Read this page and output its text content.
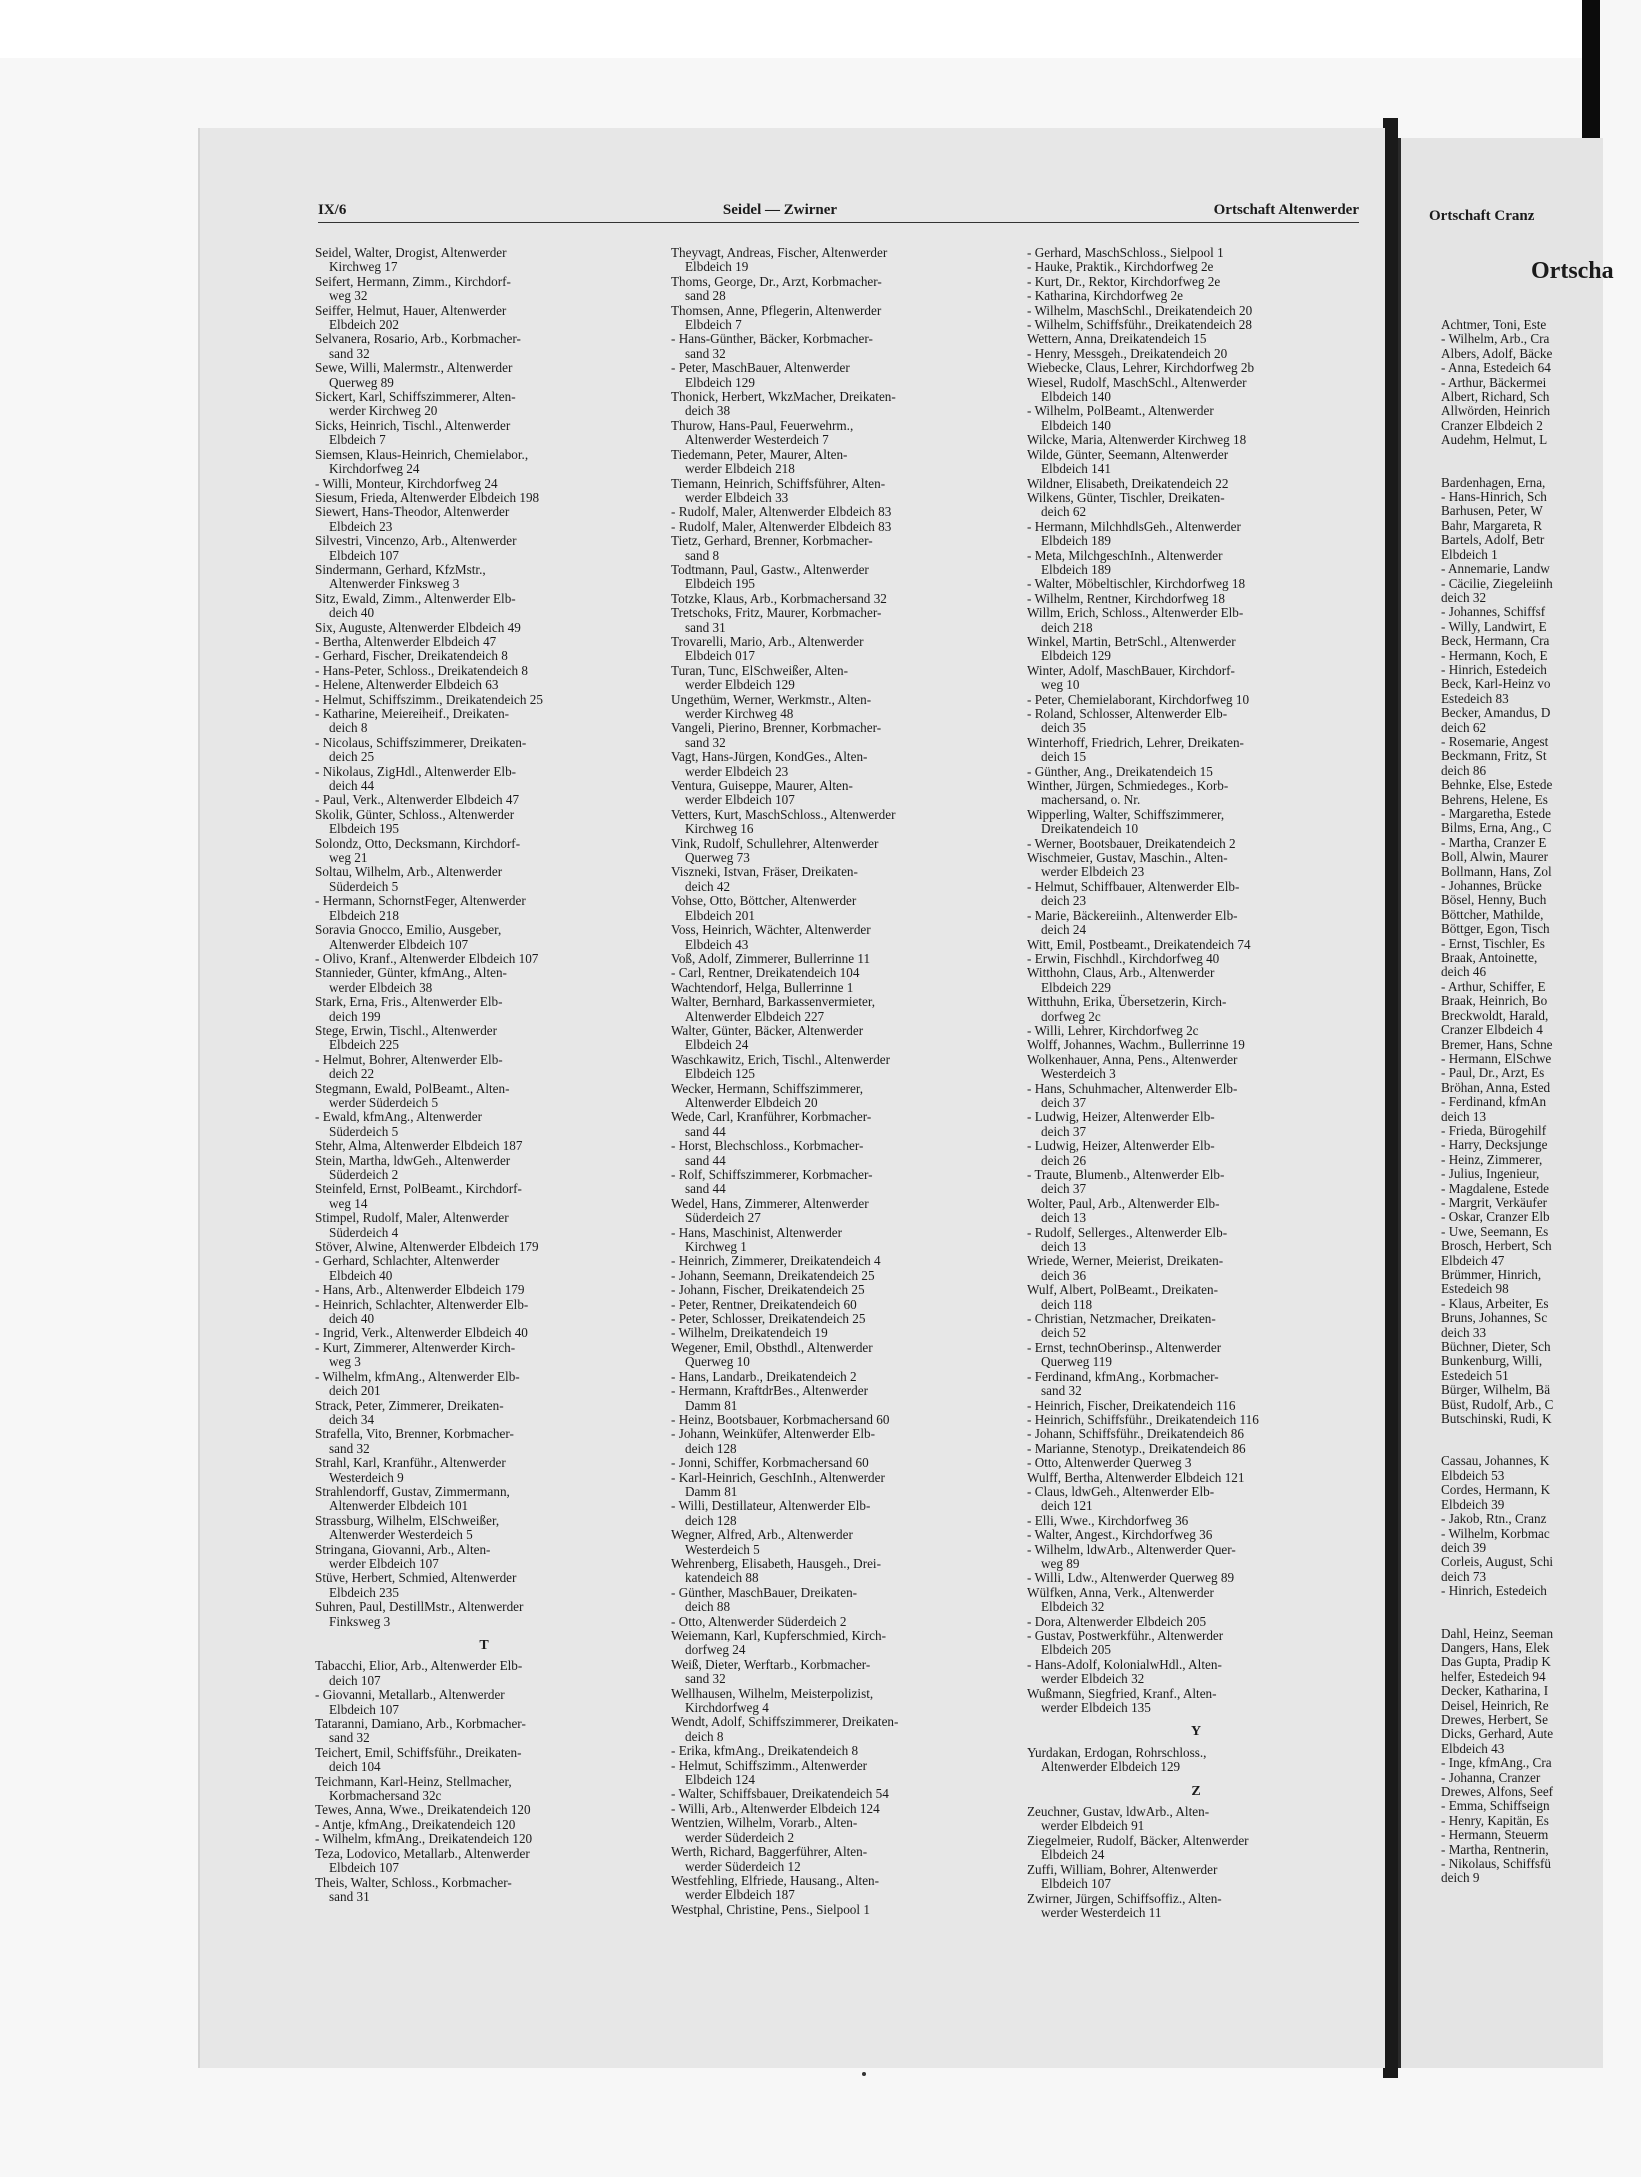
IX/6	Seidel — Zwirner	Ortschaft Altenwerder
Seidel, Walter, Drogist, Altenwerder
Kirchweg 17
Seifert, Hermann, Zimm., Kirchdorf-
weg 32
Seiffer, Helmut, Hauer, Altenwerder
Elbdeich 202
Selvanera, Rosario, Arb., Korbmacher-
sand 32
Sewe, Willi, Malermstr., Altenwerder
Querweg 89
Sickert, Karl, Schiffszimmerer, Alten-
werder Kirchweg 20
Sicks, Heinrich, Tischl., Altenwerder
Elbdeich 7
Siemsen, Klaus-Heinrich, Chemielabor.,
Kirchdorfweg 24
- Willi, Monteur, Kirchdorfweg 24
Siesum, Frieda, Altenwerder Elbdeich 198
Siewert, Hans-Theodor, Altenwerder
Elbdeich 23
Silvestri, Vincenzo, Arb., Altenwerder
Elbdeich 107
Sindermann, Gerhard, KfzMstr.,
Altenwerder Finksweg 3
Sitz, Ewald, Zimm., Altenwerder Elb-
deich 40
Six, Auguste, Altenwerder Elbdeich 49
- Bertha, Altenwerder Elbdeich 47
- Gerhard, Fischer, Dreikatendeich 8
- Hans-Peter, Schloss., Dreikatendeich 8
- Helene, Altenwerder Elbdeich 63
- Helmut, Schiffszimm., Dreikatendeich 25
- Katharine, Meiereiheif., Dreikaten-
deich 8
- Nicolaus, Schiffszimmerer, Dreikaten-
deich 25
- Nikolaus, ZigHdl., Altenwerder Elb-
deich 44
- Paul, Verk., Altenwerder Elbdeich 47
Skolik, Günter, Schloss., Altenwerder
Elbdeich 195
Solondz, Otto, Decksmann, Kirchdorf-
weg 21
Soltau, Wilhelm, Arb., Altenwerder
Süderdeich 5
- Hermann, SchornstFeger, Altenwerder
Elbdeich 218
Soravia Gnocco, Emilio, Ausgeber,
Altenwerder Elbdeich 107
- Olivo, Kranf., Altenwerder Elbdeich 107
Stannieder, Günter, kfmAng., Alten-
werder Elbdeich 38
Stark, Erna, Fris., Altenwerder Elb-
deich 199
Stege, Erwin, Tischl., Altenwerder
Elbdeich 225
- Helmut, Bohrer, Altenwerder Elb-
deich 22
Stegmann, Ewald, PolBeamt., Alten-
werder Süderdeich 5
- Ewald, kfmAng., Altenwerder
Süderdeich 5
Stehr, Alma, Altenwerder Elbdeich 187
Stein, Martha, ldwGeh., Altenwerder
Süderdeich 2
Steinfeld, Ernst, PolBeamt., Kirchdorf-
weg 14
Stimpel, Rudolf, Maler, Altenwerder
Süderdeich 4
Stöver, Alwine, Altenwerder Elbdeich 179
- Gerhard, Schlachter, Altenwerder
Elbdeich 40
- Hans, Arb., Altenwerder Elbdeich 179
- Heinrich, Schlachter, Altenwerder Elb-
deich 40
- Ingrid, Verk., Altenwerder Elbdeich 40
- Kurt, Zimmerer, Altenwerder Kirch-
weg 3
- Wilhelm, kfmAng., Altenwerder Elb-
deich 201
Strack, Peter, Zimmerer, Dreikaten-
deich 34
Strafella, Vito, Brenner, Korbmacher-
sand 32
Strahl, Karl, Kranführ., Altenwerder
Westerdeich 9
Strahlendorff, Gustav, Zimmermann,
Altenwerder Elbdeich 101
Strassburg, Wilhelm, ElSchweißer,
Altenwerder Westerdeich 5
Stringana, Giovanni, Arb., Alten-
werder Elbdeich 107
Stüve, Herbert, Schmied, Altenwerder
Elbdeich 235
Suhren, Paul, DestillMstr., Altenwerder
Finksweg 3
T
Tabacchi, Elior, Arb., Altenwerder Elb-
deich 107
- Giovanni, Metallarb., Altenwerder
Elbdeich 107
Tataranni, Damiano, Arb., Korbmacher-
sand 32
Teichert, Emil, Schiffsführ., Dreikaten-
deich 104
Teichmann, Karl-Heinz, Stellmacher,
Korbmachersand 32c
Tewes, Anna, Wwe., Dreikatendeich 120
- Antje, kfmAng., Dreikatendeich 120
- Wilhelm, kfmAng., Dreikatendeich 120
Teza, Lodovico, Metallarb., Altenwerder
Elbdeich 107
Theis, Walter, Schloss., Korbmacher-
sand 31
Theyvagt, Andreas, Fischer, Altenwerder
Elbdeich 19
Thoms, George, Dr., Arzt, Korbmacher-
sand 28
Thomsen, Anne, Pflegerin, Altenwerder
Elbdeich 7
- Hans-Günther, Bäcker, Korbmacher-
sand 32
- Peter, MaschBauer, Altenwerder
Elbdeich 129
Thonick, Herbert, WkzMacher, Dreikaten-
deich 38
Thurow, Hans-Paul, Feuerwehrm.,
Altenwerder Westerdeich 7
Tiedemann, Peter, Maurer, Alten-
werder Elbdeich 218
Tiemann, Heinrich, Schiffsführer, Alten-
werder Elbdeich 33
- Rudolf, Maler, Altenwerder Elbdeich 83
- Rudolf, Maler, Altenwerder Elbdeich 83
Tietz, Gerhard, Brenner, Korbmacher-
sand 8
Todtmann, Paul, Gastw., Altenwerder
Elbdeich 195
Totzke, Klaus, Arb., Korbmachersand 32
Tretschoks, Fritz, Maurer, Korbmacher-
sand 31
Trovarelli, Mario, Arb., Altenwerder
Elbdeich 017
Turan, Tunc, ElSchweißer, Alten-
werder Elbdeich 129
Ungethüm, Werner, Werkmstr., Alten-
werder Kirchweg 48
Vangeli, Pierino, Brenner, Korbmacher-
sand 32
Vagt, Hans-Jürgen, KondGes., Alten-
werder Elbdeich 23
Ventura, Guiseppe, Maurer, Alten-
werder Elbdeich 107
Vetters, Kurt, MaschSchloss., Altenwerder
Kirchweg 16
Vink, Rudolf, Schullehrer, Altenwerder
Querweg 73
Viszneki, Istvan, Fräser, Dreikaten-
deich 42
Vohse, Otto, Böttcher, Altenwerder
Elbdeich 201
Voss, Heinrich, Wächter, Altenwerder
Elbdeich 43
Voß, Adolf, Zimmerer, Bullerrinne 11
- Carl, Rentner, Dreikatendeich 104
Wachtendorf, Helga, Bullerrinne 1
Walter, Bernhard, Barkassenvermieter,
Altenwerder Elbdeich 227
Walter, Günter, Bäcker, Altenwerder
Elbdeich 24
Waschkawitz, Erich, Tischl., Altenwerder
Elbdeich 125
Wecker, Hermann, Schiffszimmerer,
Altenwerder Elbdeich 20
Wede, Carl, Kranführer, Korbmacher-
sand 44
- Horst, Blechschloss., Korbmacher-
sand 44
- Rolf, Schiffszimmerer, Korbmacher-
sand 44
Wedel, Hans, Zimmerer, Altenwerder
Süderdeich 27
- Hans, Maschinist, Altenwerder
Kirchweg 1
- Heinrich, Zimmerer, Dreikatendeich 4
- Johann, Seemann, Dreikatendeich 25
- Johann, Fischer, Dreikatendeich 25
- Peter, Rentner, Dreikatendeich 60
- Peter, Schlosser, Dreikatendeich 25
- Wilhelm, Dreikatendeich 19
Wegener, Emil, Obsthdl., Altenwerder
Querweg 10
- Hans, Landarb., Dreikatendeich 2
- Hermann, KraftdrBes., Altenwerder
Damm 81
- Heinz, Bootsbauer, Korbmachersand 60
- Johann, Weinküfer, Altenwerder Elb-
deich 128
- Jonni, Schiffer, Korbmachersand 60
- Karl-Heinrich, GeschInh., Altenwerder
Damm 81
- Willi, Destillateur, Altenwerder Elb-
deich 128
Wegner, Alfred, Arb., Altenwerder
Westerdeich 5
Wehrenberg, Elisabeth, Hausgeh., Drei-
katendeich 88
- Günther, MaschBauer, Dreikaten-
deich 88
- Otto, Altenwerder Süderdeich 2
Weiemann, Karl, Kupferschmied, Kirch-
dorfweg 24
Weiß, Dieter, Werftarb., Korbmacher-
sand 32
Wellhausen, Wilhelm, Meisterpolizist,
Kirchdorfweg 4
Wendt, Adolf, Schiffszimmerer, Dreikaten-
deich 8
- Erika, kfmAng., Dreikatendeich 8
- Helmut, Schiffszimm., Altenwerder
Elbdeich 124
- Walter, Schiffsbauer, Dreikatendeich 54
- Willi, Arb., Altenwerder Elbdeich 124
Wentzien, Wilhelm, Vorarb., Alten-
werder Süderdeich 2
Werth, Richard, Baggerführer, Alten-
werder Süderdeich 12
Westfehling, Elfriede, Hausang., Alten-
werder Elbdeich 187
Westphal, Christine, Pens., Sielpool 1
- Gerhard, MaschSchloss., Sielpool 1
- Hauke, Praktik., Kirchdorfweg 2e
- Kurt, Dr., Rektor, Kirchdorfweg 2e
- Katharina, Kirchdorfweg 2e
- Wilhelm, MaschSchl., Dreikatendeich 20
- Wilhelm, Schiffsführ., Dreikatendeich 28
Wettern, Anna, Dreikatendeich 15
- Henry, Messgeh., Dreikatendeich 20
Wiebecke, Claus, Lehrer, Kirchdorfweg 2b
Wiesel, Rudolf, MaschSchl., Altenwerder
Elbdeich 140
- Wilhelm, PolBeamt., Altenwerder
Elbdeich 140
Wilcke, Maria, Altenwerder Kirchweg 18
Wilde, Günter, Seemann, Altenwerder
Elbdeich 141
Wildner, Elisabeth, Dreikatendeich 22
Wilkens, Günter, Tischler, Dreikaten-
deich 62
- Hermann, MilchhdlsGeh., Altenwerder
Elbdeich 189
- Meta, MilchgeschInh., Altenwerder
Elbdeich 189
- Walter, Möbeltischler, Kirchdorfweg 18
- Wilhelm, Rentner, Kirchdorfweg 18
Willm, Erich, Schloss., Altenwerder Elb-
deich 218
Winkel, Martin, BetrSchl., Altenwerder
Elbdeich 129
Winter, Adolf, MaschBauer, Kirchdorf-
weg 10
- Peter, Chemielaborant, Kirchdorfweg 10
- Roland, Schlosser, Altenwerder Elb-
deich 35
Winterhoff, Friedrich, Lehrer, Dreikaten-
deich 15
- Günther, Ang., Dreikatendeich 15
Winther, Jürgen, Schmiedeges., Korb-
machersand, o. Nr.
Wipperling, Walter, Schiffszimmerer,
Dreikatendeich 10
- Werner, Bootsbauer, Dreikatendeich 2
Wischmeier, Gustav, Maschin., Alten-
werder Elbdeich 23
- Helmut, Schiffbauer, Altenwerder Elb-
deich 23
- Marie, Bäckereiinh., Altenwerder Elb-
deich 24
Witt, Emil, Postbeamt., Dreikatendeich 74
- Erwin, Fischhdl., Kirchdorfweg 40
Witthohn, Claus, Arb., Altenwerder
Elbdeich 229
Witthuhn, Erika, Übersetzerin, Kirch-
dorfweg 2c
- Willi, Lehrer, Kirchdorfweg 2c
Wolff, Johannes, Wachm., Bullerrinne 19
Wolkenhauer, Anna, Pens., Altenwerder
Westerdeich 3
- Hans, Schuhmacher, Altenwerder Elb-
deich 37
- Ludwig, Heizer, Altenwerder Elb-
deich 37
- Ludwig, Heizer, Altenwerder Elb-
deich 26
- Traute, Blumenb., Altenwerder Elb-
deich 37
Wolter, Paul, Arb., Altenwerder Elb-
deich 13
- Rudolf, Sellerges., Altenwerder Elb-
deich 13
Wriede, Werner, Meierist, Dreikaten-
deich 36
Wulf, Albert, PolBeamt., Dreikaten-
deich 118
- Christian, Netzmacher, Dreikaten-
deich 52
- Ernst, technOberinsp., Altenwerder
Querweg 119
- Ferdinand, kfmAng., Korbmacher-
sand 32
- Heinrich, Fischer, Dreikatendeich 116
- Heinrich, Schiffsführ., Dreikatendeich 116
- Johann, Schiffsführ., Dreikatendeich 86
- Marianne, Stenotyp., Dreikatendeich 86
- Otto, Altenwerder Querweg 3
Wulff, Bertha, Altenwerder Elbdeich 121
- Claus, ldwGeh., Altenwerder Elb-
deich 121
- Elli, Wwe., Kirchdorfweg 36
- Walter, Angest., Kirchdorfweg 36
- Wilhelm, ldwArb., Altenwerder Quer-
weg 89
- Willi, Ldw., Altenwerder Querweg 89
Wülfken, Anna, Verk., Altenwerder
Elbdeich 32
- Dora, Altenwerder Elbdeich 205
- Gustav, Postwerkführ., Altenwerder
Elbdeich 205
- Hans-Adolf, KolonialwHdl., Alten-
werder Elbdeich 32
Wußmann, Siegfried, Kranf., Alten-
werder Elbdeich 135
Y
Yurdakan, Erdogan, Rohrschloss.,
Altenwerder Elbdeich 129
Z
Zeuchner, Gustav, ldwArb., Alten-
werder Elbdeich 91
Ziegelmeier, Rudolf, Bäcker, Altenwerder
Elbdeich 24
Zuffi, William, Bohrer, Altenwerder
Elbdeich 107
Zwirner, Jürgen, Schiffsoffiz., Alten-
werder Westerdeich 11
Ortschaft Cranz
Ortscha
Achtmer, Toni, Este
- Wilhelm, Arb., Cra
Albers, Adolf, Bäcke
- Anna, Estedeich 64
- Arthur, Bäckermei
Albert, Richard, Sch
Allwörden, Heinrich
Cranzer Elbdeich 2
Audehm, Helmut, L
Bardenhagen, Erna,
- Hans-Hinrich, Sch
Barhusen, Peter, W
Bahr, Margareta, R
Bartels, Adolf, Betr
Elbdeich 1
- Annemarie, Landw
- Cäcilie, Ziegeleiinh
deich 32
- Johannes, Schiffsf
- Willy, Landwirt, E
Beck, Hermann, Cra
- Hermann, Koch, E
- Hinrich, Estedeich
Beck, Karl-Heinz vo
Estedeich 83
Becker, Amandus, D
deich 62
- Rosemarie, Angest
Beckmann, Fritz, St
deich 86
Behnke, Else, Estede
Behrens, Helene, Es
- Margaretha, Estede
Bilms, Erna, Ang., C
- Martha, Cranzer E
Boll, Alwin, Maurer
Bollmann, Hans, Zol
- Johannes, Brücke
Bösel, Henny, Buch
Böttcher, Mathilde,
Böttger, Egon, Tisch
- Ernst, Tischler, Es
Braak, Antoinette,
deich 46
- Arthur, Schiffer, E
Braak, Heinrich, Bo
Breckwoldt, Harald,
Cranzer Elbdeich 4
Bremer, Hans, Schne
- Hermann, ElSchwe
- Paul, Dr., Arzt, Es
Bröhan, Anna, Ested
- Ferdinand, kfmAn
deich 13
- Frieda, Bürogehilf
- Harry, Decksjunge
- Heinz, Zimmerer,
- Julius, Ingenieur,
- Magdalene, Estede
- Margrit, Verkäufer
- Oskar, Cranzer Elb
- Uwe, Seemann, Es
Brosch, Herbert, Sch
Elbdeich 47
Brümmer, Hinrich,
Estedeich 98
- Klaus, Arbeiter, Es
Bruns, Johannes, Sc
deich 33
Büchner, Dieter, Sch
Bunkenburg, Willi,
Estedeich 51
Bürger, Wilhelm, Bä
Büst, Rudolf, Arb., C
Butschinski, Rudi, K
Cassau, Johannes, K
Elbdeich 53
Cordes, Hermann, K
Elbdeich 39
- Jakob, Rtn., Cranz
- Wilhelm, Korbmac
deich 39
Corleis, August, Schi
deich 73
- Hinrich, Estedeich
Dahl, Heinz, Seeman
Dangers, Hans, Elek
Das Gupta, Pradip K
helfer, Estedeich 94
Decker, Katharina, I
Deisel, Heinrich, Re
Drewes, Herbert, Se
Dicks, Gerhard, Aute
Elbdeich 43
- Inge, kfmAng., Cra
- Johanna, Cranzer
Drewes, Alfons, Seef
- Emma, Schiffseign
- Henry, Kapitän, Es
- Hermann, Steuerm
- Martha, Rentnerin,
- Nikolaus, Schiffsfü
deich 9
